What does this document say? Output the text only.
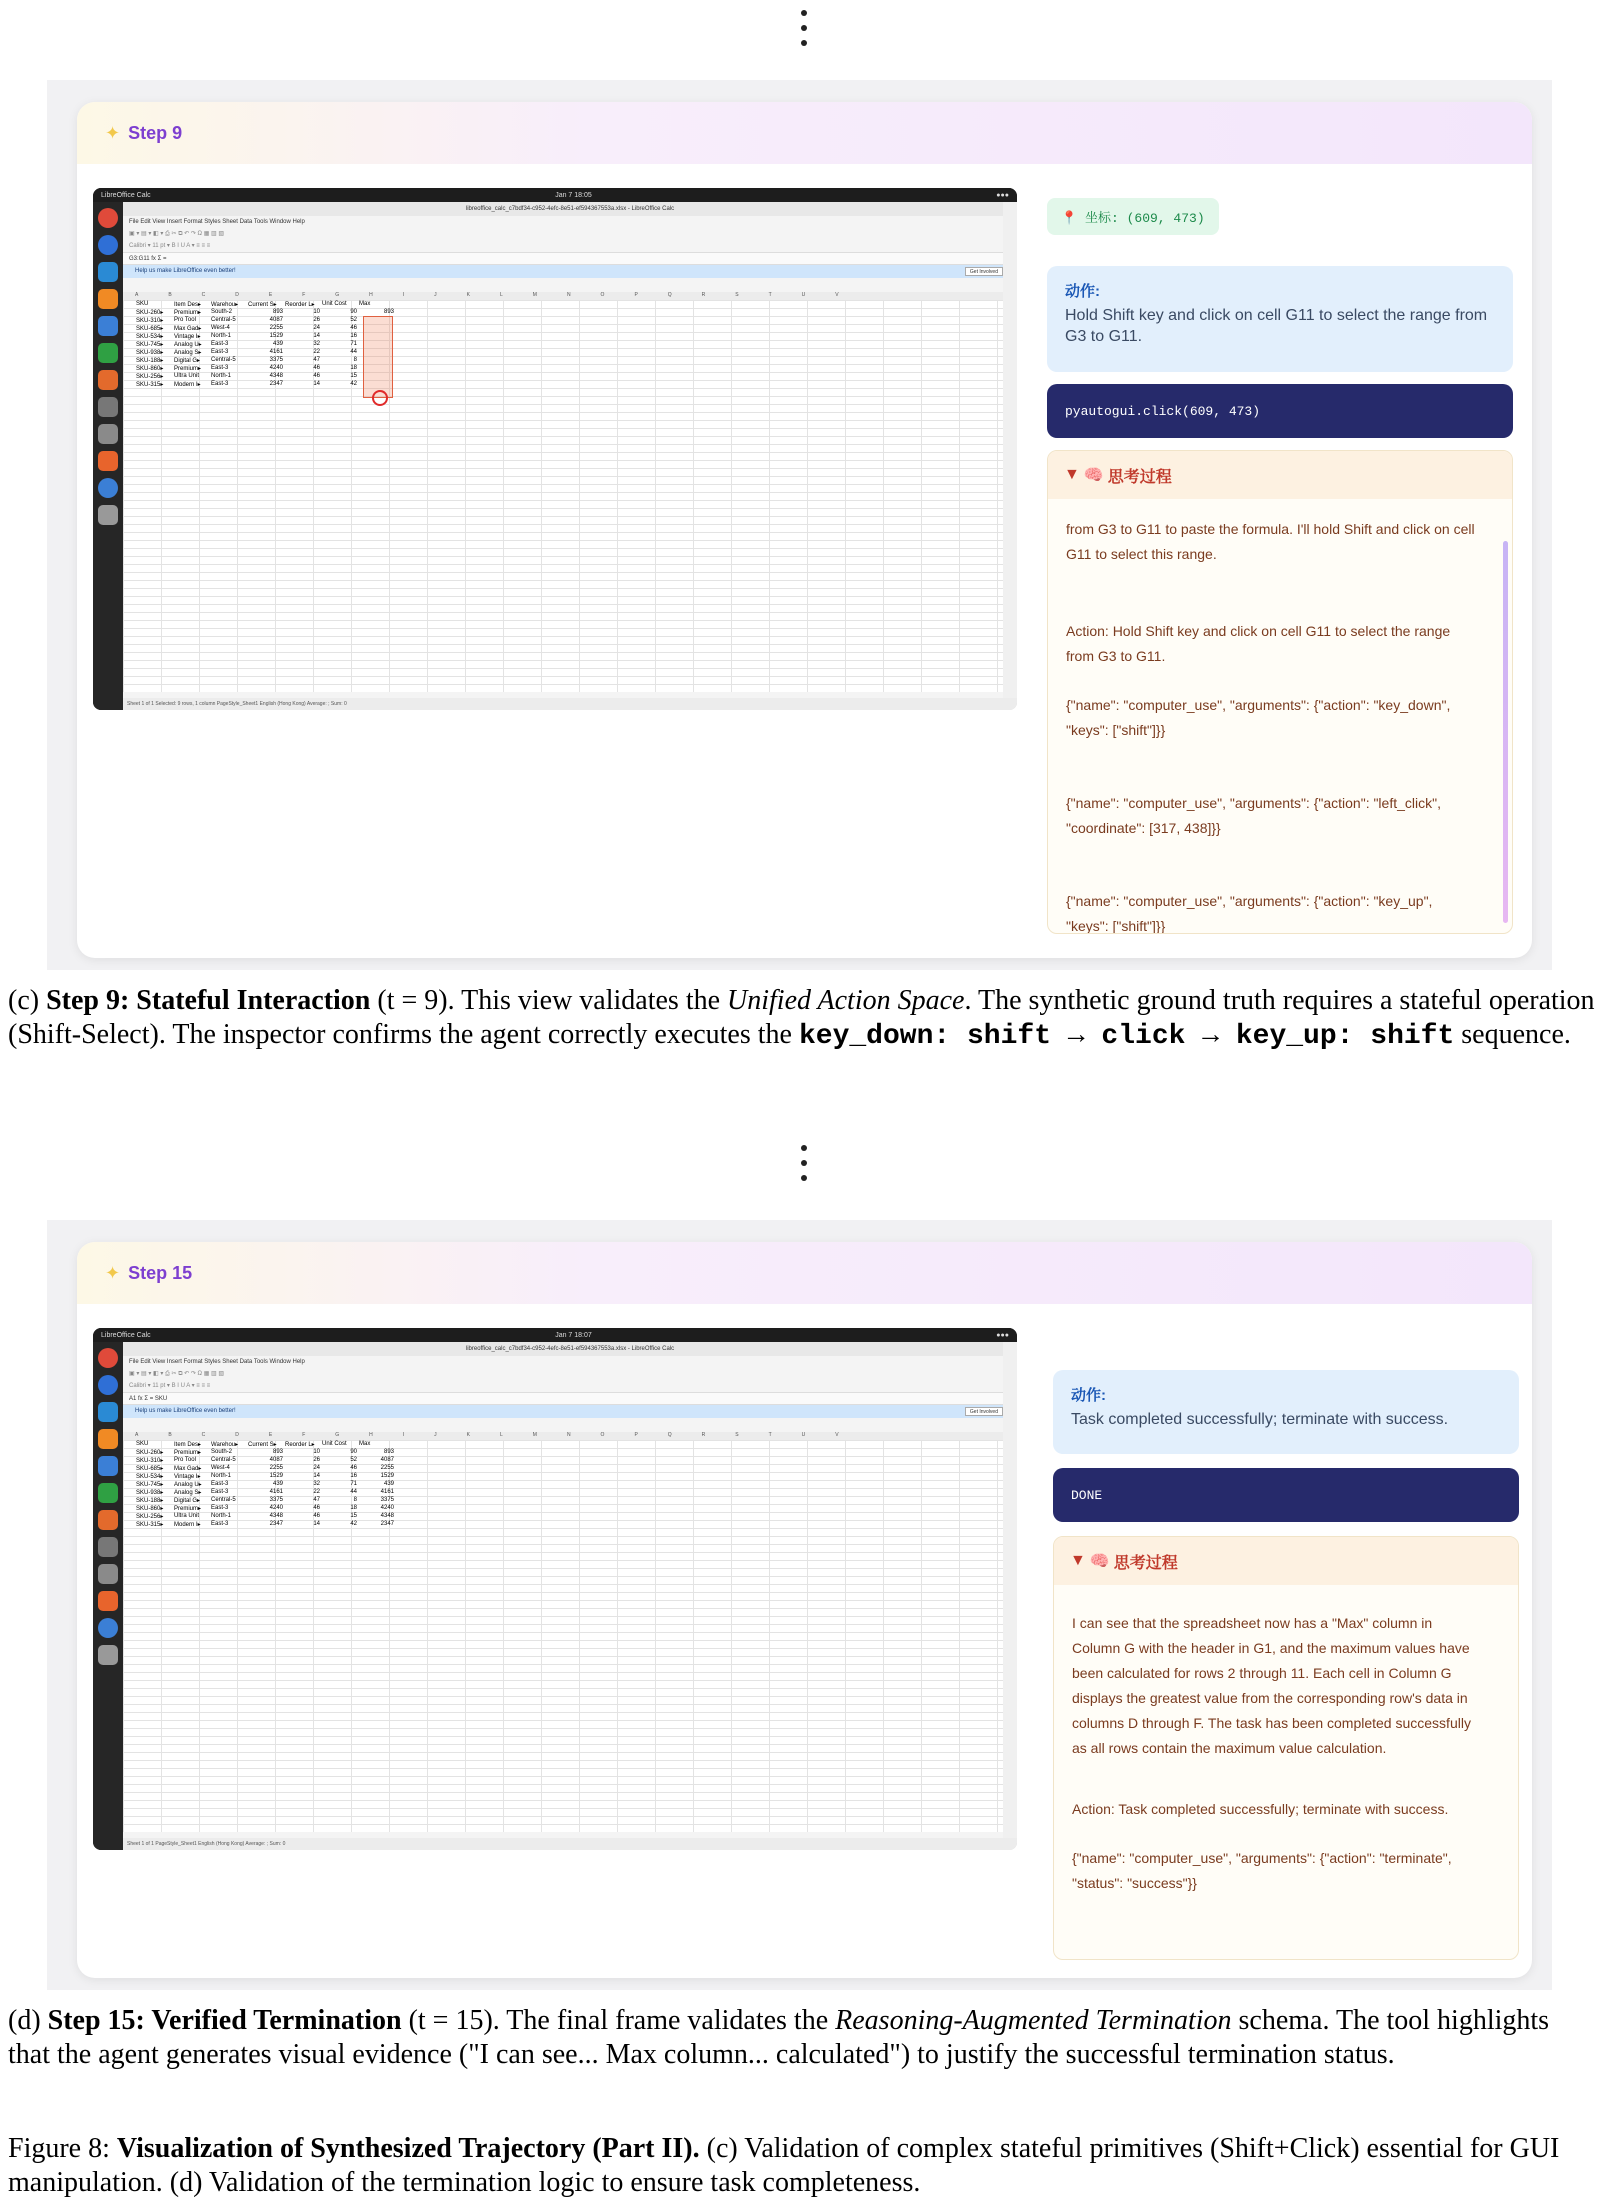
✦ Step 9
LibreOffice Calc	Jan 7 18:05	●●●
libreoffice_calc_c7bdf34-c952-4efc-8e51-ef594367553a.xlsx - LibreOffice Calc
File Edit View Insert Format Styles Sheet Data Tools Window Help
▣ ▾ ▤ ▾ ◧ ▾ ⎙ ✂ ⧉ ↶ ↷ Ω ▦ ▥ ▧
Calibri ▾ 11 pt ▾ B I U A ▾ ≡ ≡ ≡
G3:G11 fx Σ =
Help us make LibreOffice even better!	Get Involved
ABCDEFGHIJKLMNOPQRSTUV
SKU	Item Des▸	Warehou▸	Current S▸	Reorder L▸	Unit Cost	Max
SKU-260▸	Premium▸	South-2	893	10	90	893
SKU-310▸	Pro Tool	Central-5	4087	26	52	
SKU-685▸	Max Gad▸	West-4	2255	24	46	
SKU-534▸	Vintage I▸	North-1	1529	14	16	
SKU-745▸	Analog U▸	East-3	439	32	71	
SKU-938▸	Analog S▸	East-3	4161	22	44	
SKU-188▸	Digital G▸	Central-5	3375	47	8	
SKU-860▸	Premium▸	East-3	4240	46	18	
SKU-256▸	Ultra Unit	North-1	4348	46	15	
SKU-315▸	Modern I▸	East-3	2347	14	42	
Sheet 1 of 1 Selected: 9 rows, 1 column PageStyle_Sheet1 English (Hong Kong) Average: ; Sum: 0
📍 坐标: (609, 473)
动作:
Hold Shift key and click on cell G11 to select the range from G3 to G11.
pyautogui.click(609, 473)
▼ 🧠 思考过程

from G3 to G11 to paste the formula. I'll hold Shift and click on cell G11 to select this range.

Action: Hold Shift key and click on cell G11 to select the range from G3 to G11.

{"name": "computer_use", "arguments": {"action": "key_down", "keys": ["shift"]}}

{"name": "computer_use", "arguments": {"action": "left_click", "coordinate": [317, 438]}}

{"name": "computer_use", "arguments": {"action": "key_up", "keys": ["shift"]}}

(c) Step 9: Stateful Interaction (t = 9). This view validates the Unified Action Space. The synthetic ground truth requires a stateful operation (Shift-Select). The inspector confirms the agent correctly executes the key_down: shift → click → key_up: shift sequence.
✦ Step 15
LibreOffice Calc	Jan 7 18:07	●●●
libreoffice_calc_c7bdf34-c952-4efc-8e51-ef594367553a.xlsx - LibreOffice Calc
File Edit View Insert Format Styles Sheet Data Tools Window Help
▣ ▾ ▤ ▾ ◧ ▾ ⎙ ✂ ⧉ ↶ ↷ Ω ▦ ▥ ▧
Calibri ▾ 11 pt ▾ B I U A ▾ ≡ ≡ ≡
A1 fx Σ = SKU
Help us make LibreOffice even better!	Get Involved
ABCDEFGHIJKLMNOPQRSTUV
SKU	Item Des▸	Warehou▸	Current S▸	Reorder L▸	Unit Cost	Max
SKU-260▸	Premium▸	South-2	893	10	90	893
SKU-310▸	Pro Tool	Central-5	4087	26	52	4087
SKU-685▸	Max Gad▸	West-4	2255	24	46	2255
SKU-534▸	Vintage I▸	North-1	1529	14	16	1529
SKU-745▸	Analog U▸	East-3	439	32	71	439
SKU-938▸	Analog S▸	East-3	4161	22	44	4161
SKU-188▸	Digital G▸	Central-5	3375	47	8	3375
SKU-860▸	Premium▸	East-3	4240	46	18	4240
SKU-256▸	Ultra Unit	North-1	4348	46	15	4348
SKU-315▸	Modern I▸	East-3	2347	14	42	2347
Sheet 1 of 1 PageStyle_Sheet1 English (Hong Kong) Average: ; Sum: 0
动作:
Task completed successfully; terminate with success.
DONE
▼ 🧠 思考过程

I can see that the spreadsheet now has a "Max" column in Column G with the header in G1, and the maximum values have been calculated for rows 2 through 11. Each cell in Column G displays the greatest value from the corresponding row's data in columns D through F. The task has been completed successfully as all rows contain the maximum value calculation.

Action: Task completed successfully; terminate with success.

{"name": "computer_use", "arguments": {"action": "terminate", "status": "success"}}

(d) Step 15: Verified Termination (t = 15). The final frame validates the Reasoning-Augmented Termination schema. The tool highlights that the agent generates visual evidence ("I can see... Max column... calculated") to justify the successful termination status.
Figure 8: Visualization of Synthesized Trajectory (Part II). (c) Validation of complex stateful primitives (Shift+Click) essential for GUI manipulation. (d) Validation of the termination logic to ensure task completeness.
